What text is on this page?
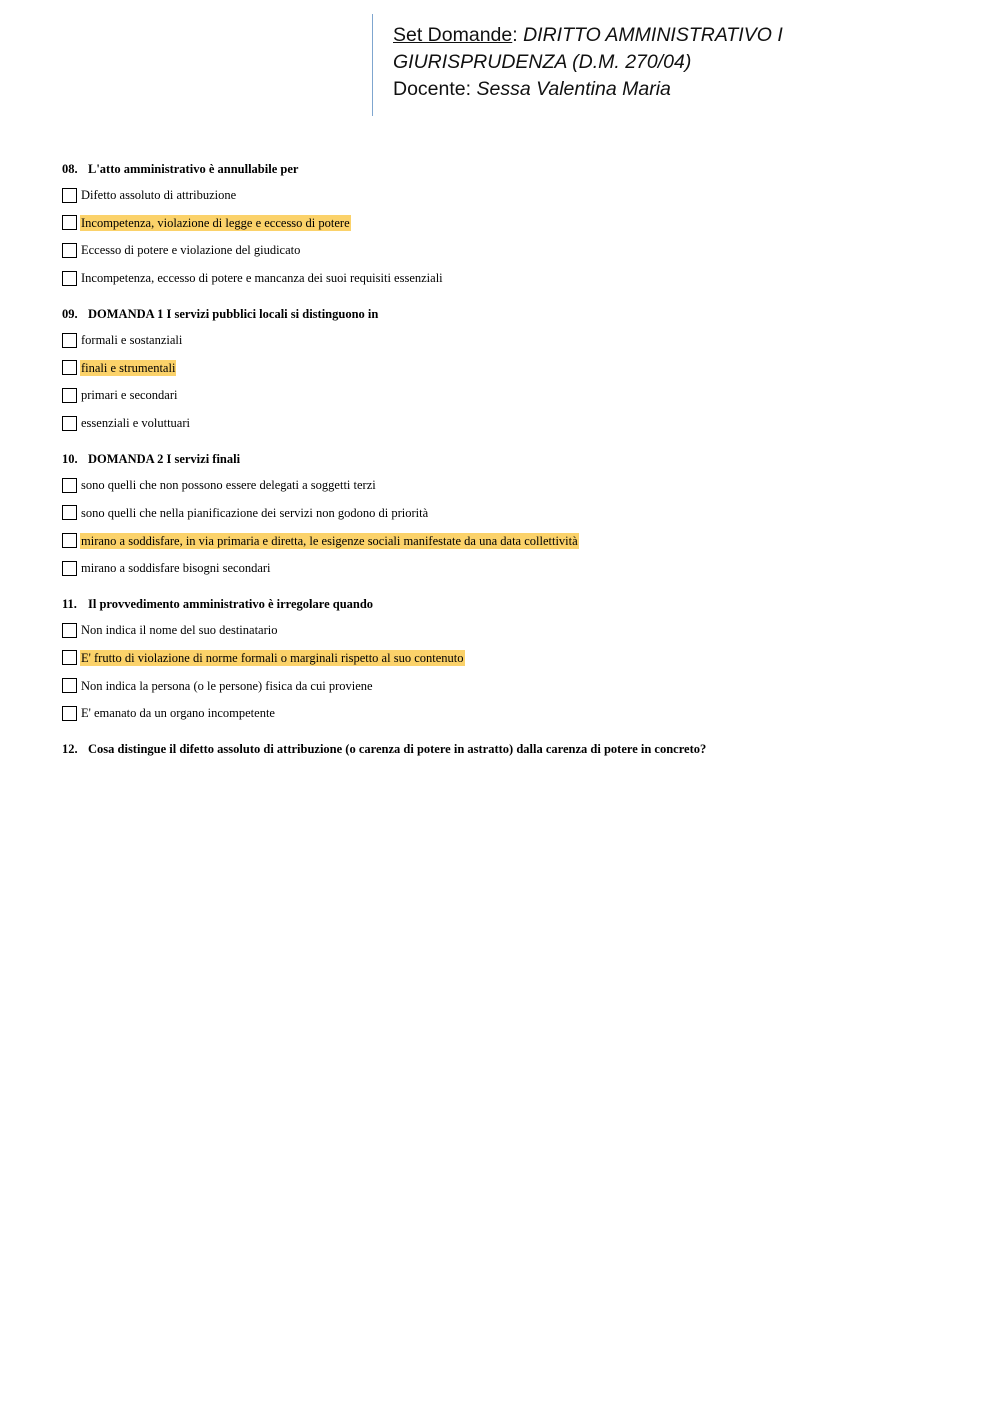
Set Domande: DIRITTO AMMINISTRATIVO I
GIURISPRUDENZA (D.M. 270/04)
Docente: Sessa Valentina Maria
08. L'atto amministrativo è annullabile per
Difetto assoluto di attribuzione
Incompetenza, violazione di legge e eccesso di potere
Eccesso di potere e violazione del giudicato
Incompetenza, eccesso di potere e mancanza dei suoi requisiti essenziali
09. DOMANDA 1 I servizi pubblici locali si distinguono in
formali e sostanziali
finali e strumentali
primari e secondari
essenziali e voluttuari
10. DOMANDA 2 I servizi finali
sono quelli che non possono essere delegati a soggetti terzi
sono quelli che nella pianificazione dei servizi non godono di priorità
mirano a soddisfare, in via primaria e diretta, le esigenze sociali manifestate da una data collettività
mirano a soddisfare bisogni secondari
11. Il provvedimento amministrativo è irregolare quando
Non indica il nome del suo destinatario
E' frutto di violazione di norme formali o marginali rispetto al suo contenuto
Non indica la persona (o le persone) fisica da cui proviene
E' emanato da un organo incompetente
12. Cosa distingue il difetto assoluto di attribuzione (o carenza di potere in astratto) dalla carenza di potere in concreto?
